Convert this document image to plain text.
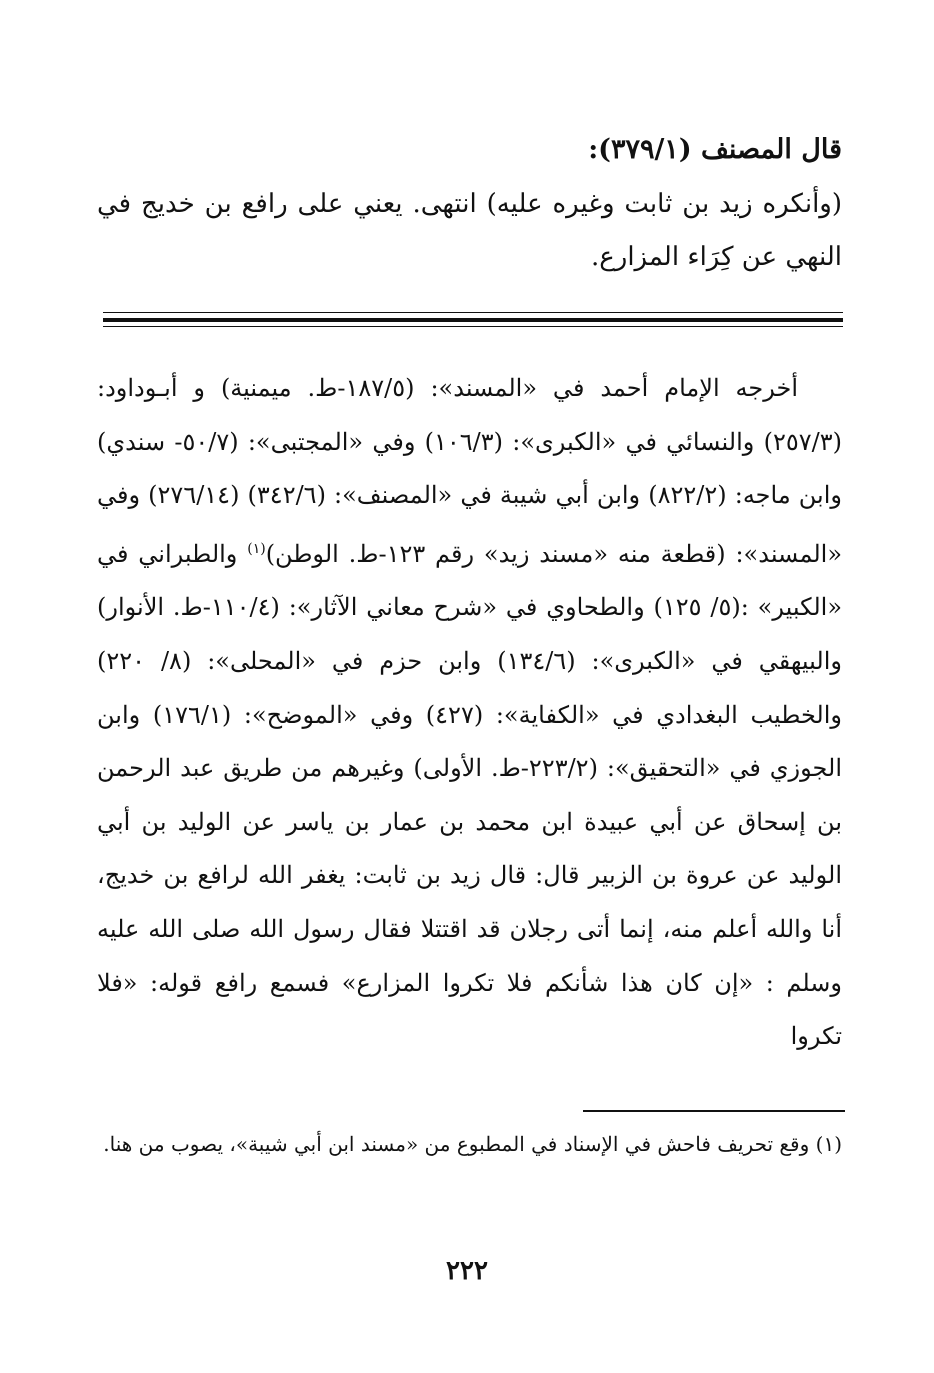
قال المصنف (٣٧٩/١):
(وأنكره زيد بن ثابت وغيره عليه) انتهى. يعني على رافع بن خديج في النهي عن كِرَاء المزارع.

أخرجه الإمام أحمد في «المسند»: (١٨٧/٥-ط. ميمنية) و أبـوداود: (٢٥٧/٣) والنسائي في «الكبرى»: (١٠٦/٣) وفي «المجتبى»: (٥٠/٧- سندي) وابن ماجه: (٨٢٢/٢) وابن أبي شيبة في «المصنف»: (٣٤٢/٦) (٢٧٦/١٤) وفي «المسند»: (قطعة منه «مسند زيد» رقم ١٢٣-ط. الوطن)$^{(١)}$ والطبراني في «الكبير» :(٥/ ١٢٥) والطحاوي في «شرح معاني الآثار»: (١١٠/٤-ط. الأنوار) والبيهقي في «الكبرى»: (١٣٤/٦) وابن حزم في «المحلى»: (٨/ ٢٢٠) والخطيب البغدادي في «الكفاية»: (٤٢٧) وفي «الموضح»: (١٧٦/١) وابن الجوزي في «التحقيق»: (٢٢٣/٢-ط. الأولى) وغيرهم من طريق عبد الرحمن بن إسحاق عن أبي عبيدة ابن محمد بن عمار بن ياسر عن الوليد بن أبي الوليد عن عروة بن الزبير قال: قال زيد بن ثابت: يغفر الله لرافع بن خديج، أنا والله أعلم منه، إنما أتى رجلان قد اقتتلا فقال رسول الله صلى الله عليه وسلم : «إن كان هذا شأنكم فلا تكروا المزارع» فسمع رافع قوله: «فلا تكروا

(١) وقع تحريف فاحش في الإسناد في المطبوع من «مسند ابن أبي شيبة»، يصوب من هنا.
٢٢٢
